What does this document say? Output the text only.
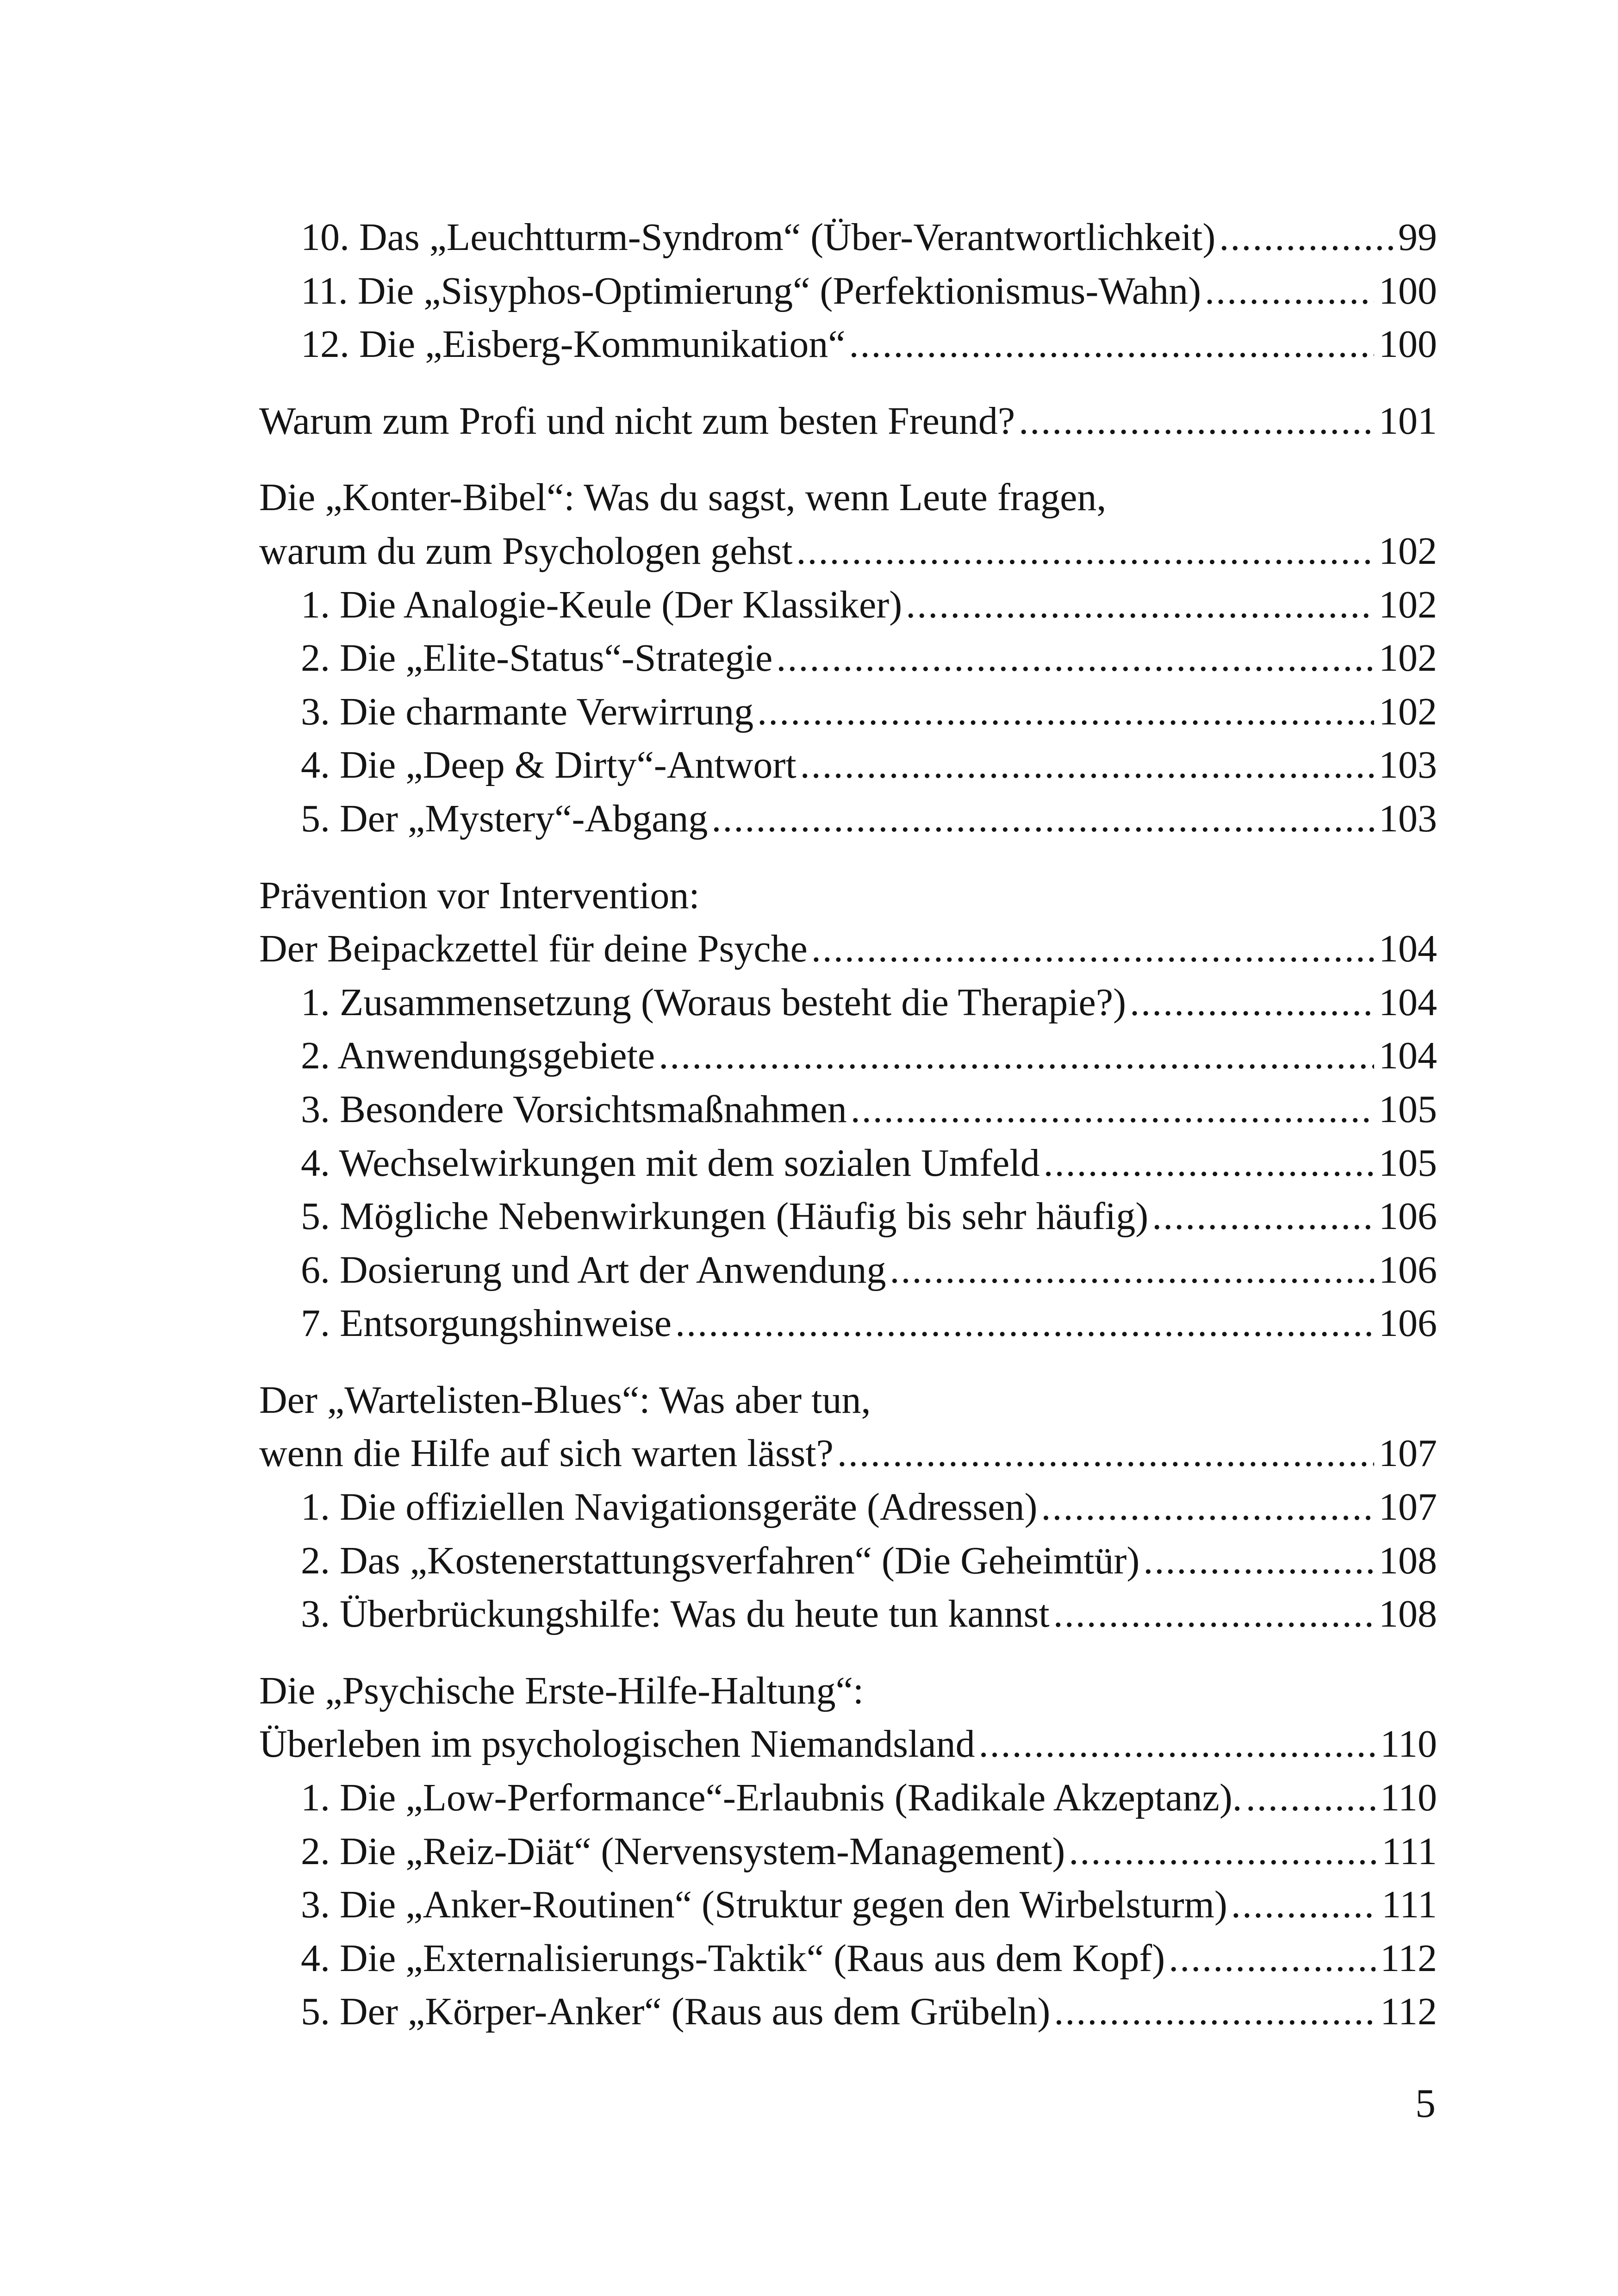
10. Das „Leuchtturm-Syndrom“ (Über-Verantwortlichkeit) .....	99
11. Die „Sisyphos-Optimierung“ (Perfektionismus-Wahn) .....	100
12. Die „Eisberg-Kommunikation“ .....	100
Warum zum Profi und nicht zum besten Freund? .....	101
Die „Konter-Bibel“: Was du sagst, wenn Leute fragen,
warum du zum Psychologen gehst .....	102
1. Die Analogie-Keule (Der Klassiker) .....	102
2. Die „Elite-Status“-Strategie .....	102
3. Die charmante Verwirrung .....	102
4. Die „Deep & Dirty“-Antwort .....	103
5. Der „Mystery“-Abgang .....	103
Prävention vor Intervention:
Der Beipackzettel für deine Psyche .....	104
1. Zusammensetzung (Woraus besteht die Therapie?) .....	104
2. Anwendungsgebiete .....	104
3. Besondere Vorsichtsmaßnahmen .....	105
4. Wechselwirkungen mit dem sozialen Umfeld .....	105
5. Mögliche Nebenwirkungen (Häufig bis sehr häufig) .....	106
6. Dosierung und Art der Anwendung .....	106
7. Entsorgungshinweise .....	106
Der „Wartelisten-Blues“: Was aber tun,
wenn die Hilfe auf sich warten lässt? .....	107
1. Die offiziellen Navigationsgeräte (Adressen) .....	107
2. Das „Kostenerstattungsverfahren“ (Die Geheimtür) .....	108
3. Überbrückungshilfe: Was du heute tun kannst .....	108
Die „Psychische Erste-Hilfe-Haltung“:
Überleben im psychologischen Niemandsland .....	110
1. Die „Low-Performance“-Erlaubnis (Radikale Akzeptanz). .....	110
2. Die „Reiz-Diät“ (Nervensystem-Management) .....	111
3. Die „Anker-Routinen“ (Struktur gegen den Wirbelsturm) .....	111
4. Die „Externalisierungs-Taktik“ (Raus aus dem Kopf) .....	112
5. Der „Körper-Anker“ (Raus aus dem Grübeln) .....	112
5
